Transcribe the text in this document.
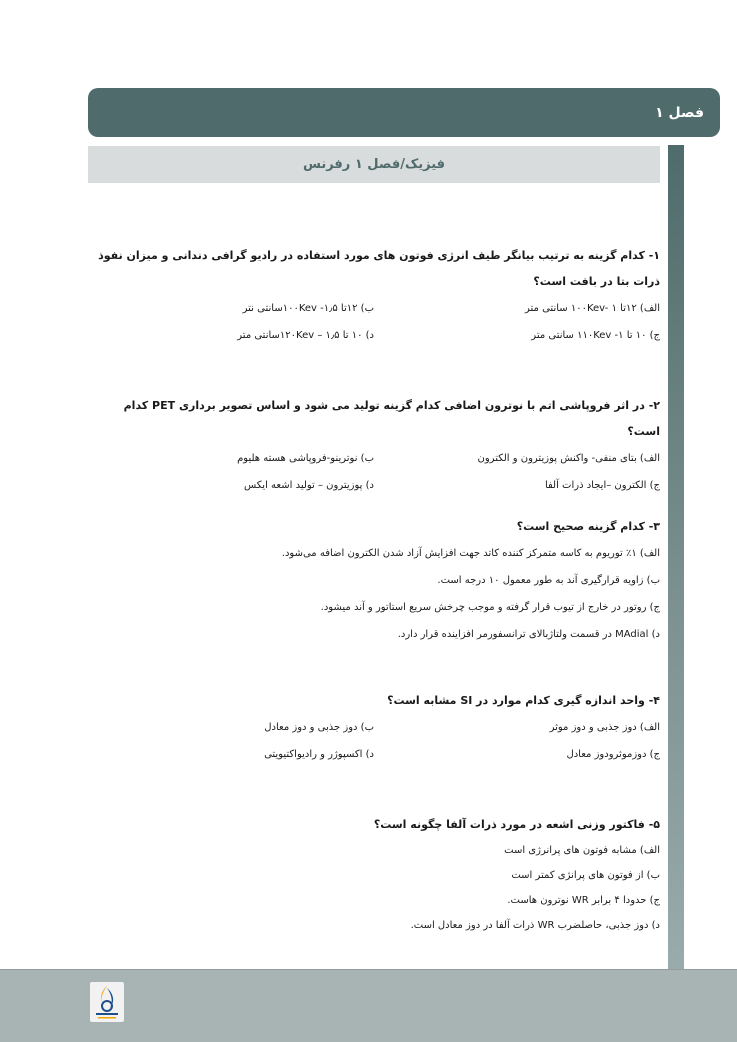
فصل ۱
فیزیک/فصل ۱ رفرنس

۱- کدام گزینه به ترتیب بیانگر طیف انرژی فوتون های مورد استفاده در رادیو گرافی دندانی و میزان نفوذ ذرات بتا در بافت است؟

الف) ۱۲تا ۱۰۰Kev- ۱ سانتی متر
ب) ۱۲تا ۱۰۰Kev -۱٫۵سانتی نتر
ج) ۱۰ تا ۱۱۰Kev -۱ سانتی متر
د) ۱۰ تا ۱۲۰Kev – ۱٫۵سانتی متر

۲- در اثر فروپاشی اتم با نوترون اضافی کدام گزینه تولید می شود و اساس تصویر برداری PET کدام است؟

الف) بتای منفی- واکنش پوزیترون و الکترون
ب) نوترینو-فروپاشی هسته هلیوم
ج) الکترون –ایجاد ذرات آلفا
د) پوزیترون – تولید اشعه ایکس

۳- کدام گزینه صحیح است؟

الف) ۱٪ توریوم به کاسه متمرکز کننده کاتد جهت افزایش آزاد شدن الکترون اضافه می‌شود.
ب) زاویه قرارگیری آند به طور معمول ۱۰ درجه است.
ج) روتور در خارج از تیوب قرار گرفته و موجب چرخش سریع استاتور و آند میشود.
د) MAdial در قسمت ولتاژبالای ترانسفورمر افزاینده قرار دارد.

۴- واحد اندازه گیری کدام موارد در SI مشابه است؟

الف) دوز جذبی و دوز موثر
ب) دوز جذبی و دوز معادل
ج) دوزموثرودوز معادل
د) اکسپوژر و رادیواکتیویتی

۵- فاکتور وزنی اشعه در مورد ذرات آلفا چگونه است؟

الف) مشابه فوتون های پرانرژی است
ب) از فوتون های پرانژی کمتر است
ج) حدودا ۴ برابر WR نوترون هاست.
د) دوز جذبی، حاصلضرب WR ذرات آلفا در دوز معادل است.
